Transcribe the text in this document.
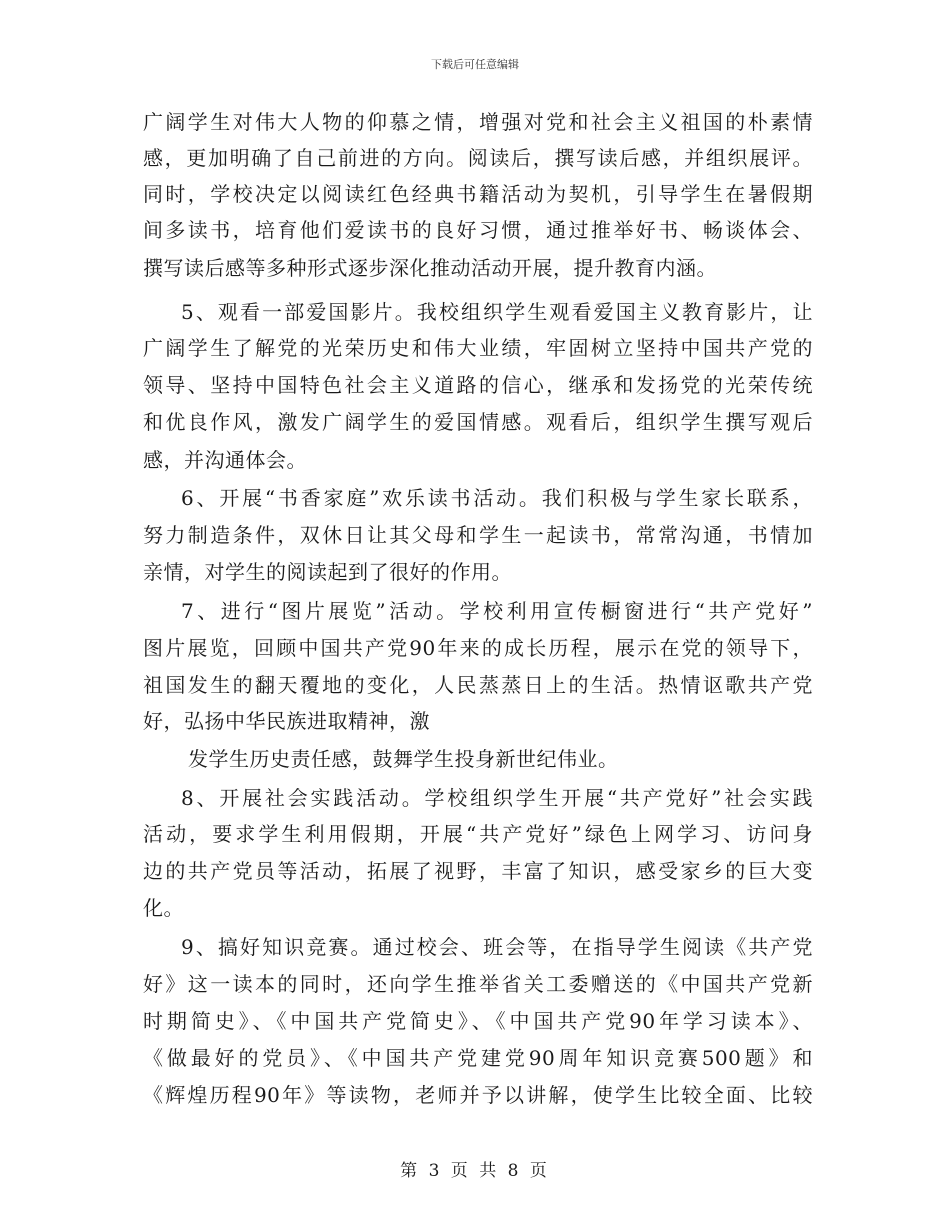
下载后可任意编辑
广阔学生对伟大人物的仰慕之情，增强对党和社会主义祖国的朴素情
感，更加明确了自己前进的方向。阅读后，撰写读后感，并组织展评。
同时，学校决定以阅读红色经典书籍活动为契机，引导学生在暑假期
间多读书，培育他们爱读书的良好习惯，通过推举好书、畅谈体会、
撰写读后感等多种形式逐步深化推动活动开展，提升教育内涵。
5、观看一部爱国影片。我校组织学生观看爱国主义教育影片，让
广阔学生了解党的光荣历史和伟大业绩，牢固树立坚持中国共产党的
领导、坚持中国特色社会主义道路的信心，继承和发扬党的光荣传统
和优良作风，激发广阔学生的爱国情感。观看后，组织学生撰写观后
感，并沟通体会。
6、开展“书香家庭”欢乐读书活动。我们积极与学生家长联系，
努力制造条件，双休日让其父母和学生一起读书，常常沟通，书情加
亲情，对学生的阅读起到了很好的作用。
7、进行“图片展览”活动。学校利用宣传橱窗进行“共产党好”
图片展览，回顾中国共产党90年来的成长历程，展示在党的领导下，
祖国发生的翻天覆地的变化，人民蒸蒸日上的生活。热情讴歌共产党
好，弘扬中华民族进取精神，激
发学生历史责任感，鼓舞学生投身新世纪伟业。
8、开展社会实践活动。学校组织学生开展“共产党好”社会实践
活动，要求学生利用假期，开展“共产党好”绿色上网学习、访问身
边的共产党员等活动，拓展了视野，丰富了知识，感受家乡的巨大变
化。
9、搞好知识竞赛。通过校会、班会等，在指导学生阅读《共产党
好》这一读本的同时，还向学生推举省关工委赠送的《中国共产党新
时期简史》、《中国共产党简史》、《中国共产党90年学习读本》、
《做最好的党员》、《中国共产党建党90周年知识竞赛500题》和
《辉煌历程90年》等读物，老师并予以讲解，使学生比较全面、比较
第 3 页 共 8 页
